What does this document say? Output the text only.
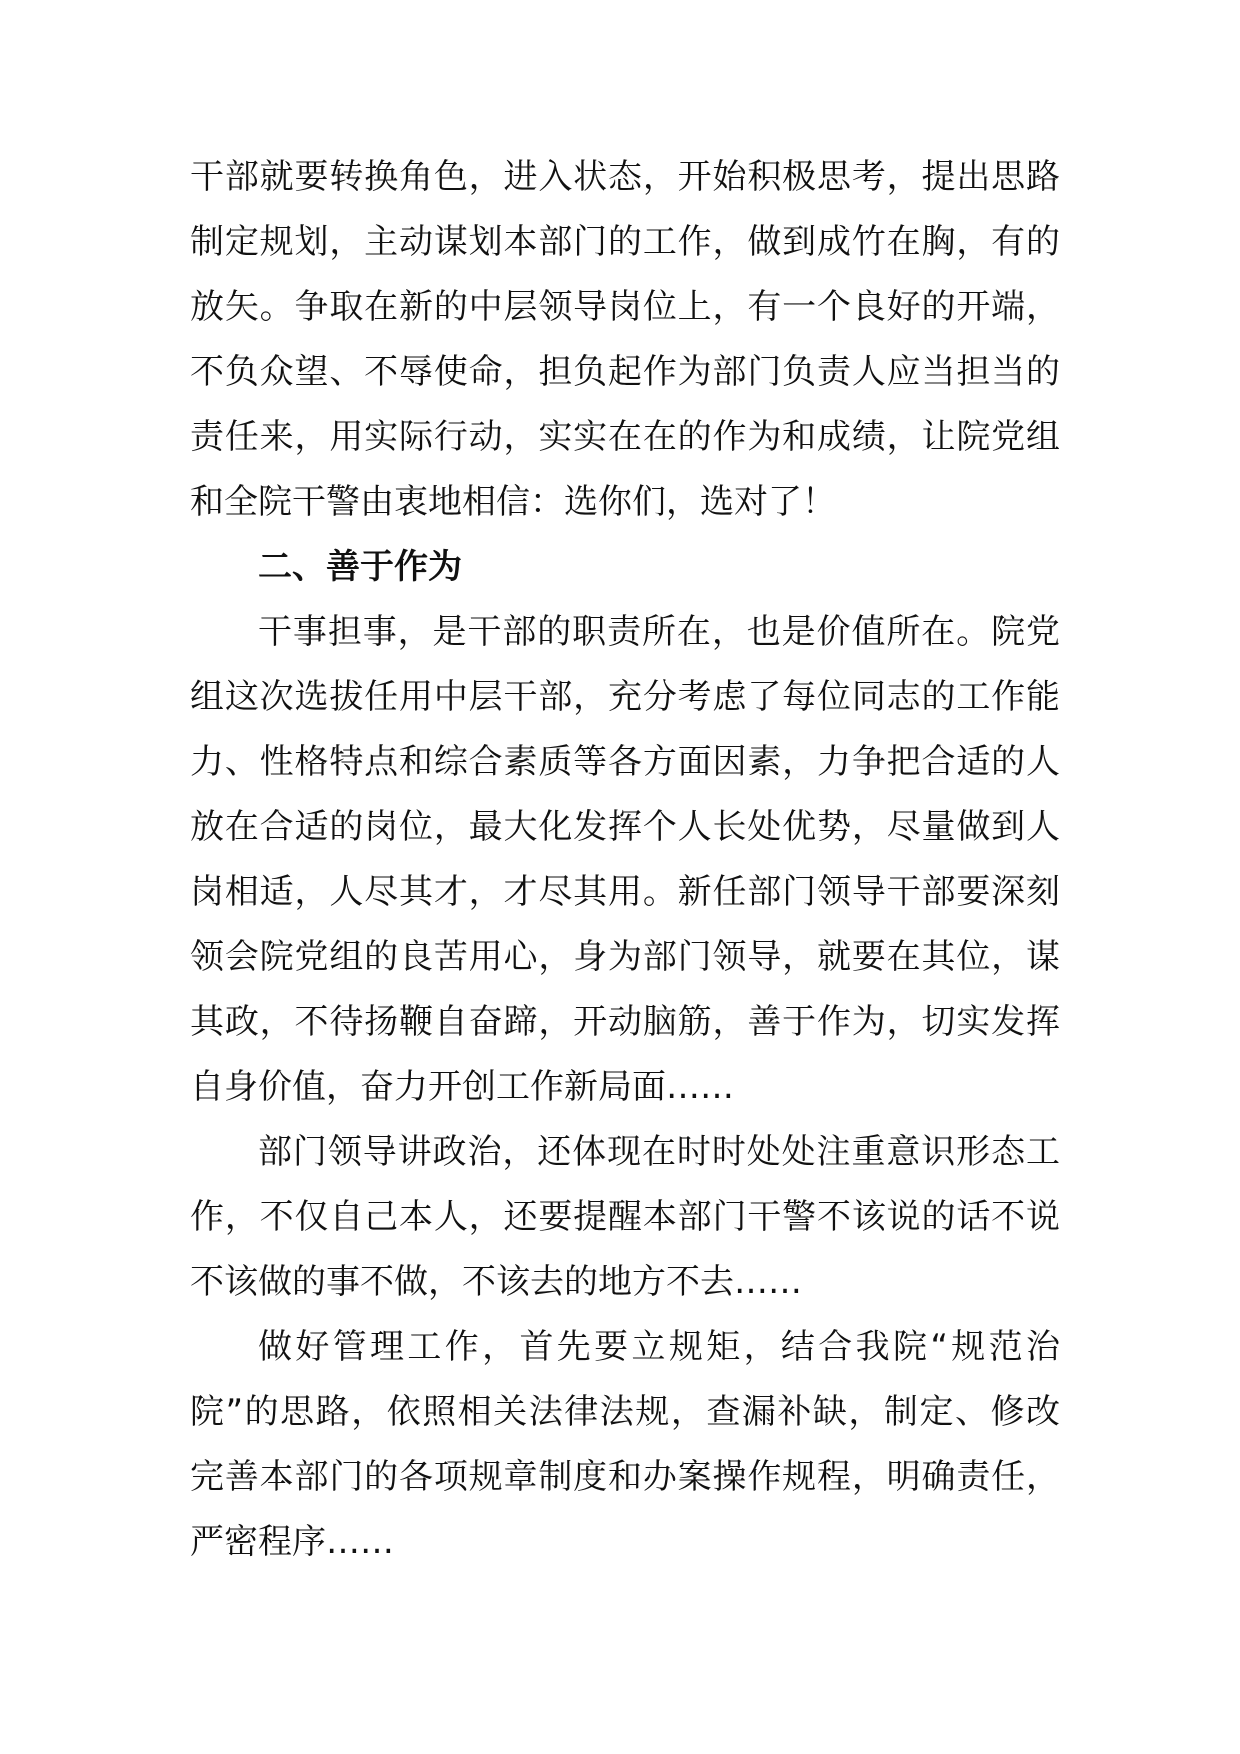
干部就要转换角色，进入状态，开始积极思考，提出思路
制定规划，主动谋划本部门的工作，做到成竹在胸，有的
放矢。争取在新的中层领导岗位上，有一个良好的开端，
不负众望、不辱使命，担负起作为部门负责人应当担当的
责任来，用实际行动，实实在在的作为和成绩，让院党组
和全院干警由衷地相信：选你们，选对了！
二、善于作为
干事担事，是干部的职责所在，也是价值所在。院党
组这次选拔任用中层干部，充分考虑了每位同志的工作能
力、性格特点和综合素质等各方面因素，力争把合适的人
放在合适的岗位，最大化发挥个人长处优势，尽量做到人
岗相适，人尽其才，才尽其用。新任部门领导干部要深刻
领会院党组的良苦用心，身为部门领导，就要在其位，谋
其政，不待扬鞭自奋蹄，开动脑筋，善于作为，切实发挥
自身价值，奋力开创工作新局面……
部门领导讲政治，还体现在时时处处注重意识形态工
作，不仅自己本人，还要提醒本部门干警不该说的话不说
不该做的事不做，不该去的地方不去……
做好管理工作，首先要立规矩，结合我院“规范治
院”的思路，依照相关法律法规，查漏补缺，制定、修改
完善本部门的各项规章制度和办案操作规程，明确责任，
严密程序……
